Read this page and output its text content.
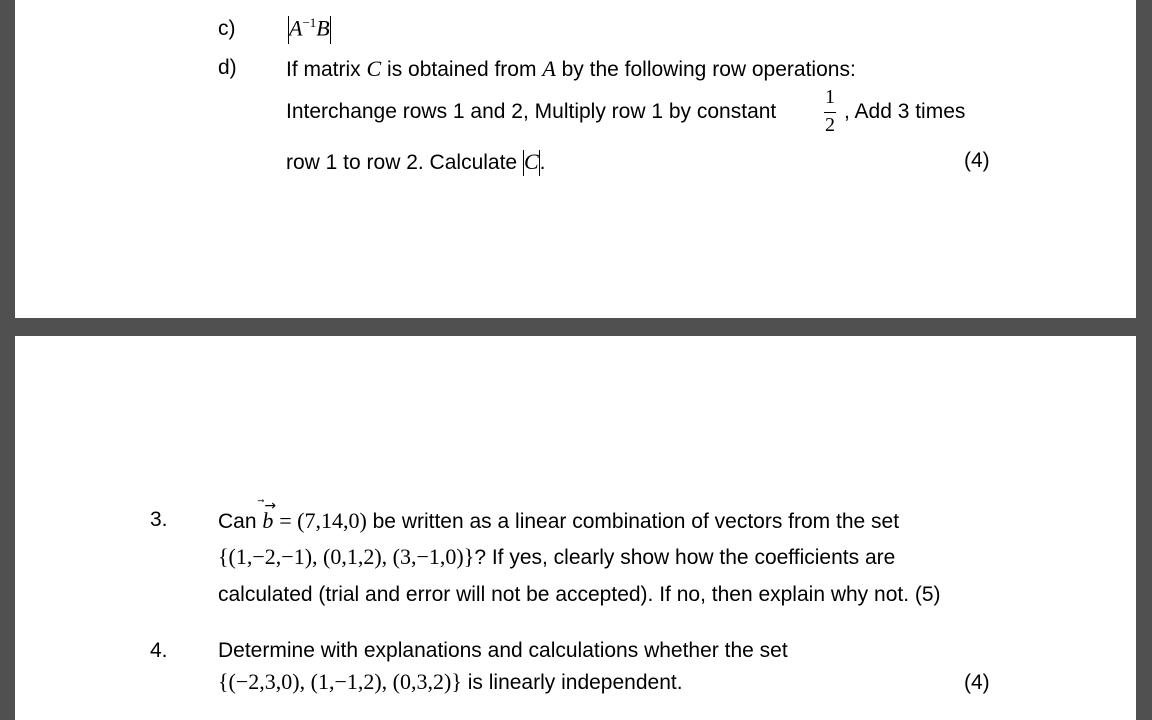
c) $A^{-1}B$
d) If matrix C is obtained from A by the following row operations:
Interchange rows 1 and 2, Multiply row 1 by constant
1
2
, Add 3 times
row 1 to row 2. Calculate C.	(4)
3. Can
⃗→
b = (7,14,0) be written as a linear combination of vectors from the set
{(1,−2,−1), (0,1,2), (3,−1,0)}? If yes, clearly show how the coefficients are
calculated (trial and error will not be accepted). If no, then explain why not. (5)
4. Determine with explanations and calculations whether the set
{(−2,3,0), (1,−1,2), (0,3,2)} is linearly independent.	(4)
